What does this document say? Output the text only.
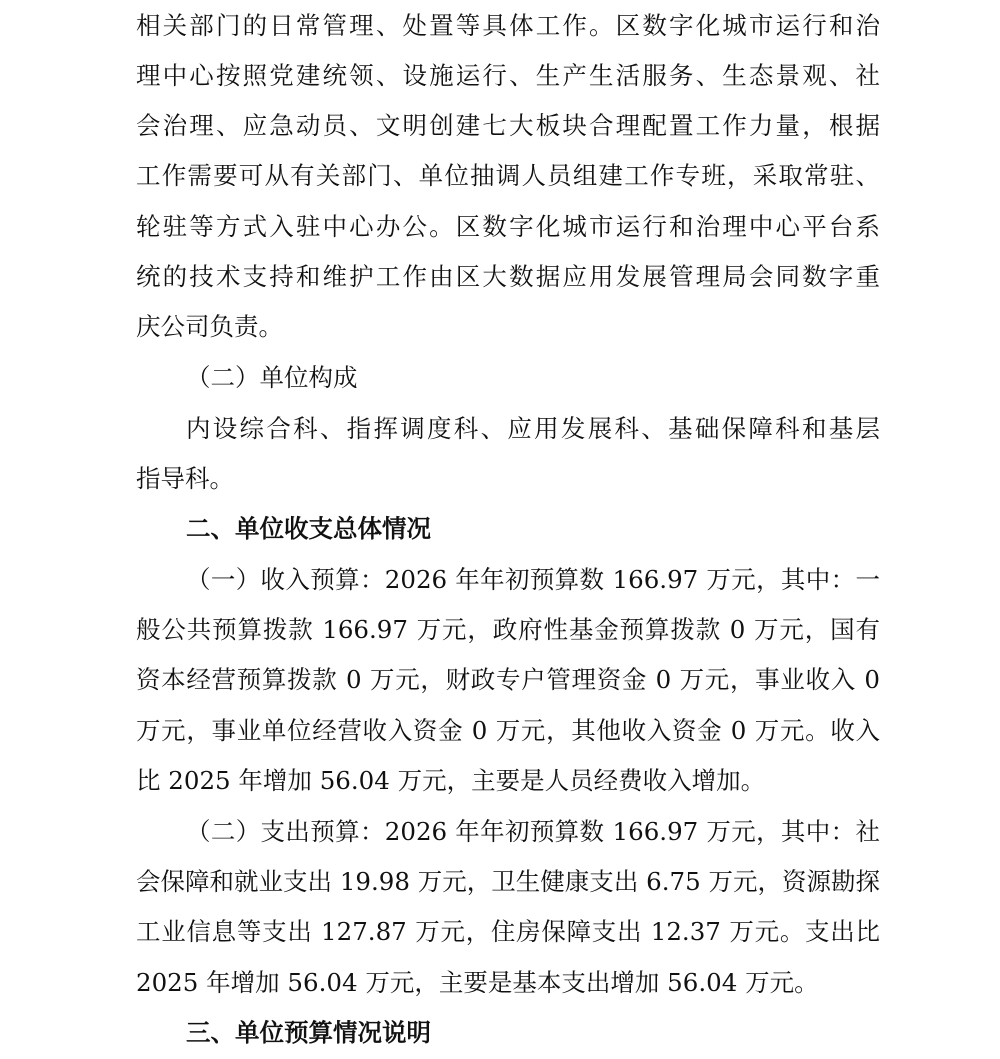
相关部门的日常管理、处置等具体工作。区数字化城市运行和治
理中心按照党建统领、设施运行、生产生活服务、生态景观、社
会治理、应急动员、文明创建七大板块合理配置工作力量，根据
工作需要可从有关部门、单位抽调人员组建工作专班，采取常驻、
轮驻等方式入驻中心办公。区数字化城市运行和治理中心平台系
统的技术支持和维护工作由区大数据应用发展管理局会同数字重
庆公司负责。
（二）单位构成
内设综合科、指挥调度科、应用发展科、基础保障科和基层
指导科。
二、单位收支总体情况
（一）收入预算：2026 年年初预算数 166.97 万元，其中：一
般公共预算拨款 166.97 万元，政府性基金预算拨款 0 万元，国有
资本经营预算拨款 0 万元，财政专户管理资金 0 万元，事业收入 0
万元，事业单位经营收入资金 0 万元，其他收入资金 0 万元。收入
比 2025 年增加 56.04 万元，主要是人员经费收入增加。
（二）支出预算：2026 年年初预算数 166.97 万元，其中：社
会保障和就业支出 19.98 万元，卫生健康支出 6.75 万元，资源勘探
工业信息等支出 127.87 万元，住房保障支出 12.37 万元。支出比
2025 年增加 56.04 万元，主要是基本支出增加 56.04 万元。
三、单位预算情况说明
